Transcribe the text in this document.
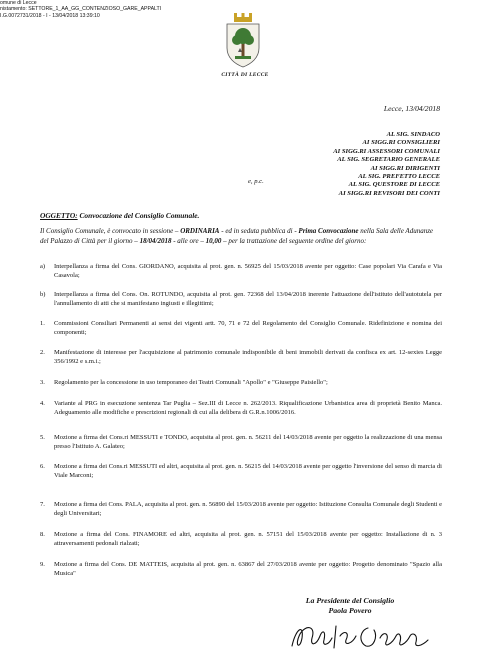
omune di Lecce
nistamento: SETTORE_1_AA_GG_CONTENZIOSO_GARE_APPALTI
I.G.0072731/2018 - I - 13/04/2018 13:39:10
CITTÀ DI LECCE
Lecce, 13/04/2018
AL SIG. SINDACO
AI SIGG.RI CONSIGLIERI
AI SIGG.RI ASSESSORI COMUNALI
AL SIG. SEGRETARIO GENERALE
AI SIGG.RI DIRIGENTI
AL SIG. PREFETTO LECCE
AL SIG. QUESTORE DI LECCE
AI SIGG.RI REVISORI DEI CONTI
e, p.c.
OGGETTO: Convocazione del Consiglio Comunale.
Il Consiglio Comunale, è convocato in sessione – ORDINARIA - ed in seduta pubblica di - Prima Convocazione nella Sala delle Adunanze del Palazzo di Città per il giorno – 18/04/2018 - alle ore – 10,00 – per la trattazione del seguente ordine del giorno:
a)	Interpellanza a firma del Cons. GIORDANO, acquisita al prot. gen. n. 56925 del 15/03/2018 avente per oggetto: Case popolari Via Carafa e Via Casavola;
b)	Interpellanza a firma del Cons. On. ROTUNDO, acquisita al prot. gen. 72368 del 13/04/2018 inerente l'attuazione dell'istituto dell'autotutela per l'annullamento di atti che si manifestano ingiusti e illegittimi;
1.	Commissioni Consiliari Permanenti ai sensi dei vigenti artt. 70, 71 e 72 del Regolamento del Consiglio Comunale. Ridefinizione e nomina dei componenti;
2.	Manifestazione di interesse per l'acquisizione al patrimonio comunale indisponibile di beni immobili derivati da confisca ex art. 12-sexies Legge 356/1992 e s.m.i.;
3.	Regolamento per la concessione in uso temporaneo dei Teatri Comunali "Apollo" e "Giuseppe Paisiello";
4.	Variante al PRG in esecuzione sentenza Tar Puglia – Sez.III di Lecce n. 262/2013. Riqualificazione Urbanistica area di proprietà Benito Manca. Adeguamento alle modifiche e prescrizioni regionali di cui alla delibera di G.R.n.1006/2016.
5.	Mozione a firma dei Cons.ri MESSUTI e TONDO, acquisita al prot. gen. n. 56211 del 14/03/2018 avente per oggetto la realizzazione di una mensa presso l'Istituto A. Galateo;
6.	Mozione a firma dei Cons.ri MESSUTI ed altri, acquisita al prot. gen. n. 56215 del 14/03/2018 avente per oggetto l'inversione del senso di marcia di Viale Marconi;
7.	Mozione a firma dei Cons. PALA, acquisita al prot. gen. n. 56890 del 15/03/2018 avente per oggetto: Istituzione Consulta Comunale degli Studenti e degli Universitari;
8.	Mozione a firma del Cons. FINAMORE ed altri, acquisita al prot. gen. n. 57151 del 15/03/2018 avente per oggetto: Installazione di n. 3 attraversamenti pedonali rialzati;
9.	Mozione a firma del Cons. DE MATTEIS, acquisita al prot. gen. n. 63867 del 27/03/2018 avente per oggetto: Progetto denominato "Spazio alla Musica"
La Presidente del Consiglio
Paola Povero
